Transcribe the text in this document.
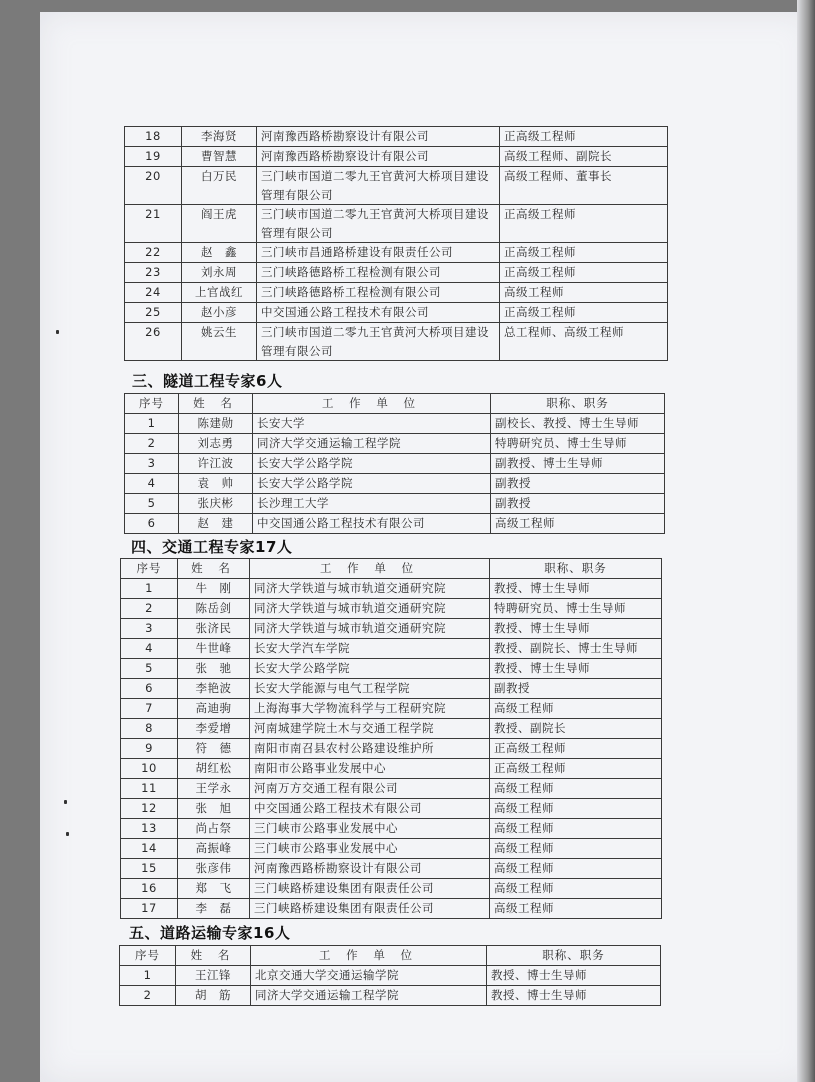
18	李海贤	河南豫西路桥勘察设计有限公司	正高级工程师
19	曹智慧	河南豫西路桥勘察设计有限公司	高级工程师、副院长
20	白万民	三门峡市国道二零九王官黄河大桥项目建设管理有限公司	高级工程师、董事长
21	阎王虎	三门峡市国道二零九王官黄河大桥项目建设管理有限公司	正高级工程师
22	赵　鑫	三门峡市昌通路桥建设有限责任公司	正高级工程师
23	刘永周	三门峡路德路桥工程检测有限公司	正高级工程师
24	上官战红	三门峡路德路桥工程检测有限公司	高级工程师
25	赵小彦	中交国通公路工程技术有限公司	正高级工程师
26	姚云生	三门峡市国道二零九王官黄河大桥项目建设管理有限公司	总工程师、高级工程师
三、隧道工程专家6人
序号	姓 名	工 作 单 位	职称、职务
1	陈建勋	长安大学	副校长、教授、博士生导师
2	刘志勇	同济大学交通运输工程学院	特聘研究员、博士生导师
3	许江波	长安大学公路学院	副教授、博士生导师
4	袁　帅	长安大学公路学院	副教授
5	张庆彬	长沙理工大学	副教授
6	赵　建	中交国通公路工程技术有限公司	高级工程师
四、交通工程专家17人
序号	姓 名	工 作 单 位	职称、职务
1	牛　刚	同济大学铁道与城市轨道交通研究院	教授、博士生导师
2	陈岳剑	同济大学铁道与城市轨道交通研究院	特聘研究员、博士生导师
3	张济民	同济大学铁道与城市轨道交通研究院	教授、博士生导师
4	牛世峰	长安大学汽车学院	教授、副院长、博士生导师
5	张　驰	长安大学公路学院	教授、博士生导师
6	李艳波	长安大学能源与电气工程学院	副教授
7	高迪驹	上海海事大学物流科学与工程研究院	高级工程师
8	李爱增	河南城建学院土木与交通工程学院	教授、副院长
9	符　德	南阳市南召县农村公路建设维护所	正高级工程师
10	胡红松	南阳市公路事业发展中心	正高级工程师
11	王学永	河南万方交通工程有限公司	高级工程师
12	张　旭	中交国通公路工程技术有限公司	高级工程师
13	尚占祭	三门峡市公路事业发展中心	高级工程师
14	高振峰	三门峡市公路事业发展中心	高级工程师
15	张彦伟	河南豫西路桥勘察设计有限公司	高级工程师
16	郑　飞	三门峡路桥建设集团有限责任公司	高级工程师
17	李　磊	三门峡路桥建设集团有限责任公司	高级工程师
五、道路运输专家16人
序号	姓 名	工 作 单 位	职称、职务
1	王江锋	北京交通大学交通运输学院	教授、博士生导师
2	胡　筋	同济大学交通运输工程学院	教授、博士生导师
